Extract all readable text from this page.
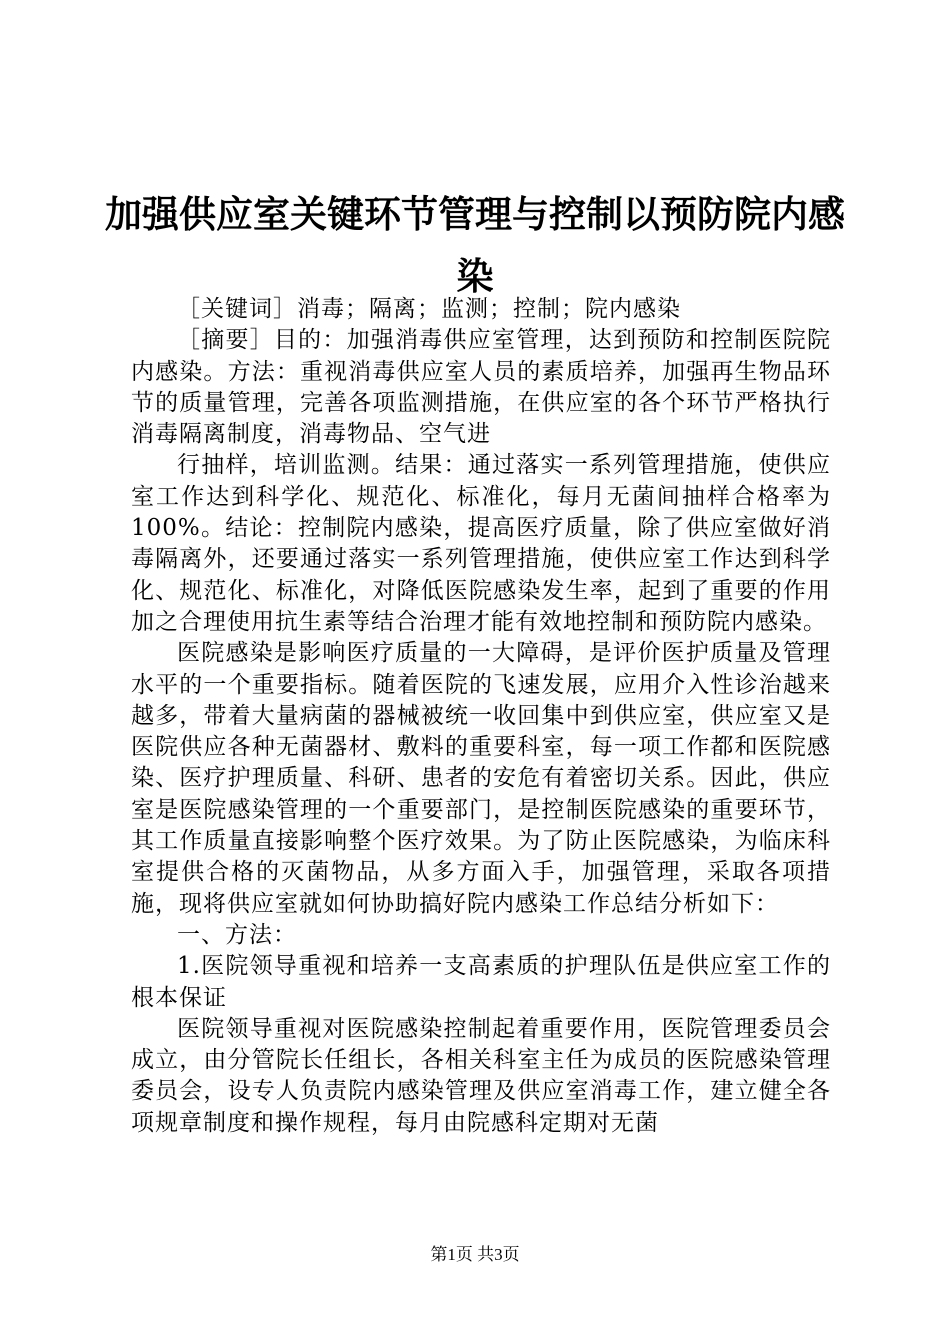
加强供应室关键环节管理与控制以预防院内感染

［关键词］消毒；隔离；监测；控制；院内感染

［摘要］目的：加强消毒供应室管理，达到预防和控制医院院内感染。方法：重视消毒供应室人员的素质培养，加强再生物品环节的质量管理，完善各项监测措施，在供应室的各个环节严格执行消毒隔离制度，消毒物品、空气进

行抽样，培训监测。结果：通过落实一系列管理措施，使供应室工作达到科学化、规范化、标准化，每月无菌间抽样合格率为100%。结论：控制院内感染，提高医疗质量，除了供应室做好消毒隔离外，还要通过落实一系列管理措施，使供应室工作达到科学化、规范化、标准化，对降低医院感染发生率，起到了重要的作用加之合理使用抗生素等结合治理才能有效地控制和预防院内感染。

医院感染是影响医疗质量的一大障碍，是评价医护质量及管理水平的一个重要指标。随着医院的飞速发展，应用介入性诊治越来越多，带着大量病菌的器械被统一收回集中到供应室，供应室又是医院供应各种无菌器材、敷料的重要科室，每一项工作都和医院感染、医疗护理质量、科研、患者的安危有着密切关系。因此，供应室是医院感染管理的一个重要部门，是控制医院感染的重要环节，其工作质量直接影响整个医疗效果。为了防止医院感染，为临床科室提供合格的灭菌物品，从多方面入手，加强管理，采取各项措施，现将供应室就如何协助搞好院内感染工作总结分析如下：

一、方法：

1.医院领导重视和培养一支高素质的护理队伍是供应室工作的根本保证

医院领导重视对医院感染控制起着重要作用，医院管理委员会成立，由分管院长任组长，各相关科室主任为成员的医院感染管理委员会，设专人负责院内感染管理及供应室消毒工作，建立健全各项规章制度和操作规程，每月由院感科定期对无菌

第1页 共3页
